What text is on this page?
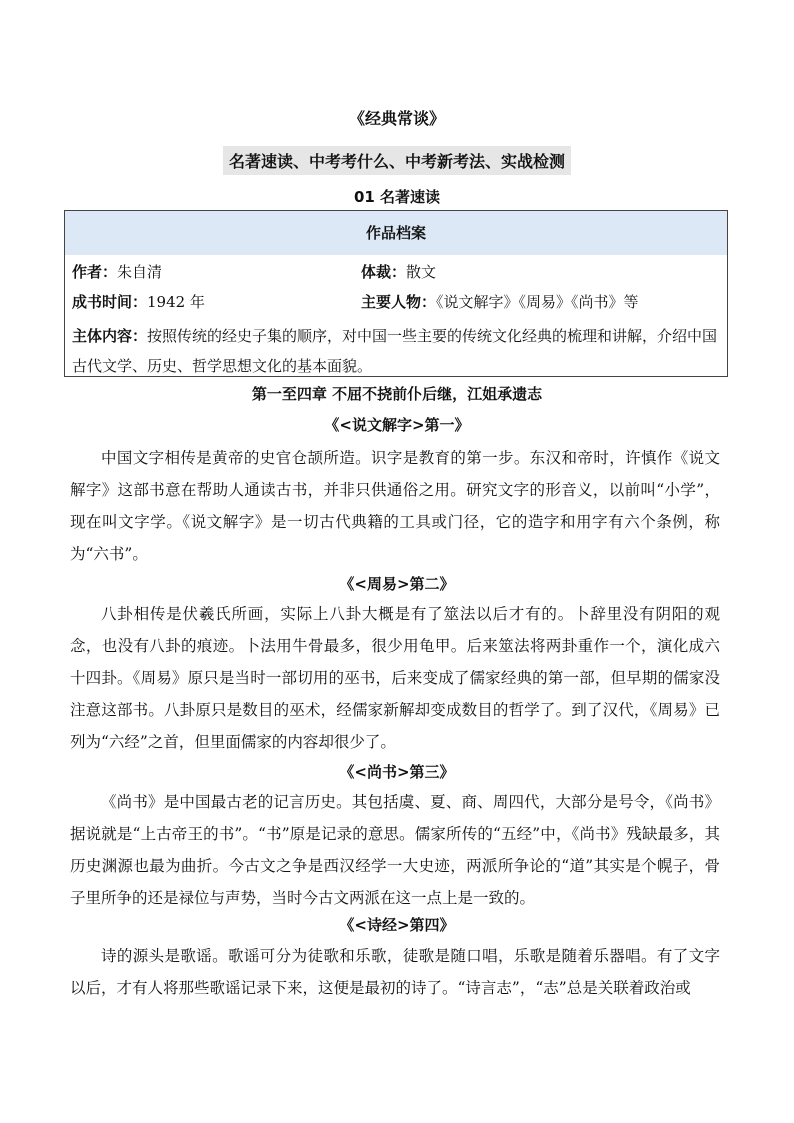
《经典常谈》
名著速读、中考考什么、中考新考法、实战检测
01 名著速读
作品档案
作者：朱自清	体裁：散文
成书时间：1942 年	主要人物：《说文解字》《周易》《尚书》等
主体内容：按照传统的经史子集的顺序，对中国一些主要的传统文化经典的梳理和讲解，介绍中国古代文学、历史、哲学思想文化的基本面貌。
第一至四章 不屈不挠前仆后继，江姐承遗志
《<说文解字>第一》
中国文字相传是黄帝的史官仓颉所造。识字是教育的第一步。东汉和帝时，许慎作《说文解字》这部书意在帮助人通读古书，并非只供通俗之用。研究文字的形音义，以前叫“小学”，现在叫文字学。《说文解字》是一切古代典籍的工具或门径，它的造字和用字有六个条例，称为“六书”。
《<周易>第二》
八卦相传是伏羲氏所画，实际上八卦大概是有了筮法以后才有的。卜辞里没有阴阳的观念，也没有八卦的痕迹。卜法用牛骨最多，很少用龟甲。后来筮法将两卦重作一个，演化成六十四卦。《周易》原只是当时一部切用的巫书，后来变成了儒家经典的第一部，但早期的儒家没注意这部书。八卦原只是数目的巫术，经儒家新解却变成数目的哲学了。到了汉代，《周易》已列为“六经”之首，但里面儒家的内容却很少了。
《<尚书>第三》
《尚书》是中国最古老的记言历史。其包括虞、夏、商、周四代，大部分是号令，《尚书》据说就是“上古帝王的书”。“书”原是记录的意思。儒家所传的“五经”中，《尚书》残缺最多，其历史渊源也最为曲折。今古文之争是西汉经学一大史迹，两派所争论的“道”其实是个幌子，骨子里所争的还是禄位与声势，当时今古文两派在这一点上是一致的。
《<诗经>第四》
诗的源头是歌谣。歌谣可分为徒歌和乐歌，徒歌是随口唱，乐歌是随着乐器唱。有了文字以后，才有人将那些歌谣记录下来，这便是最初的诗了。“诗言志”，“志”总是关联着政治或
